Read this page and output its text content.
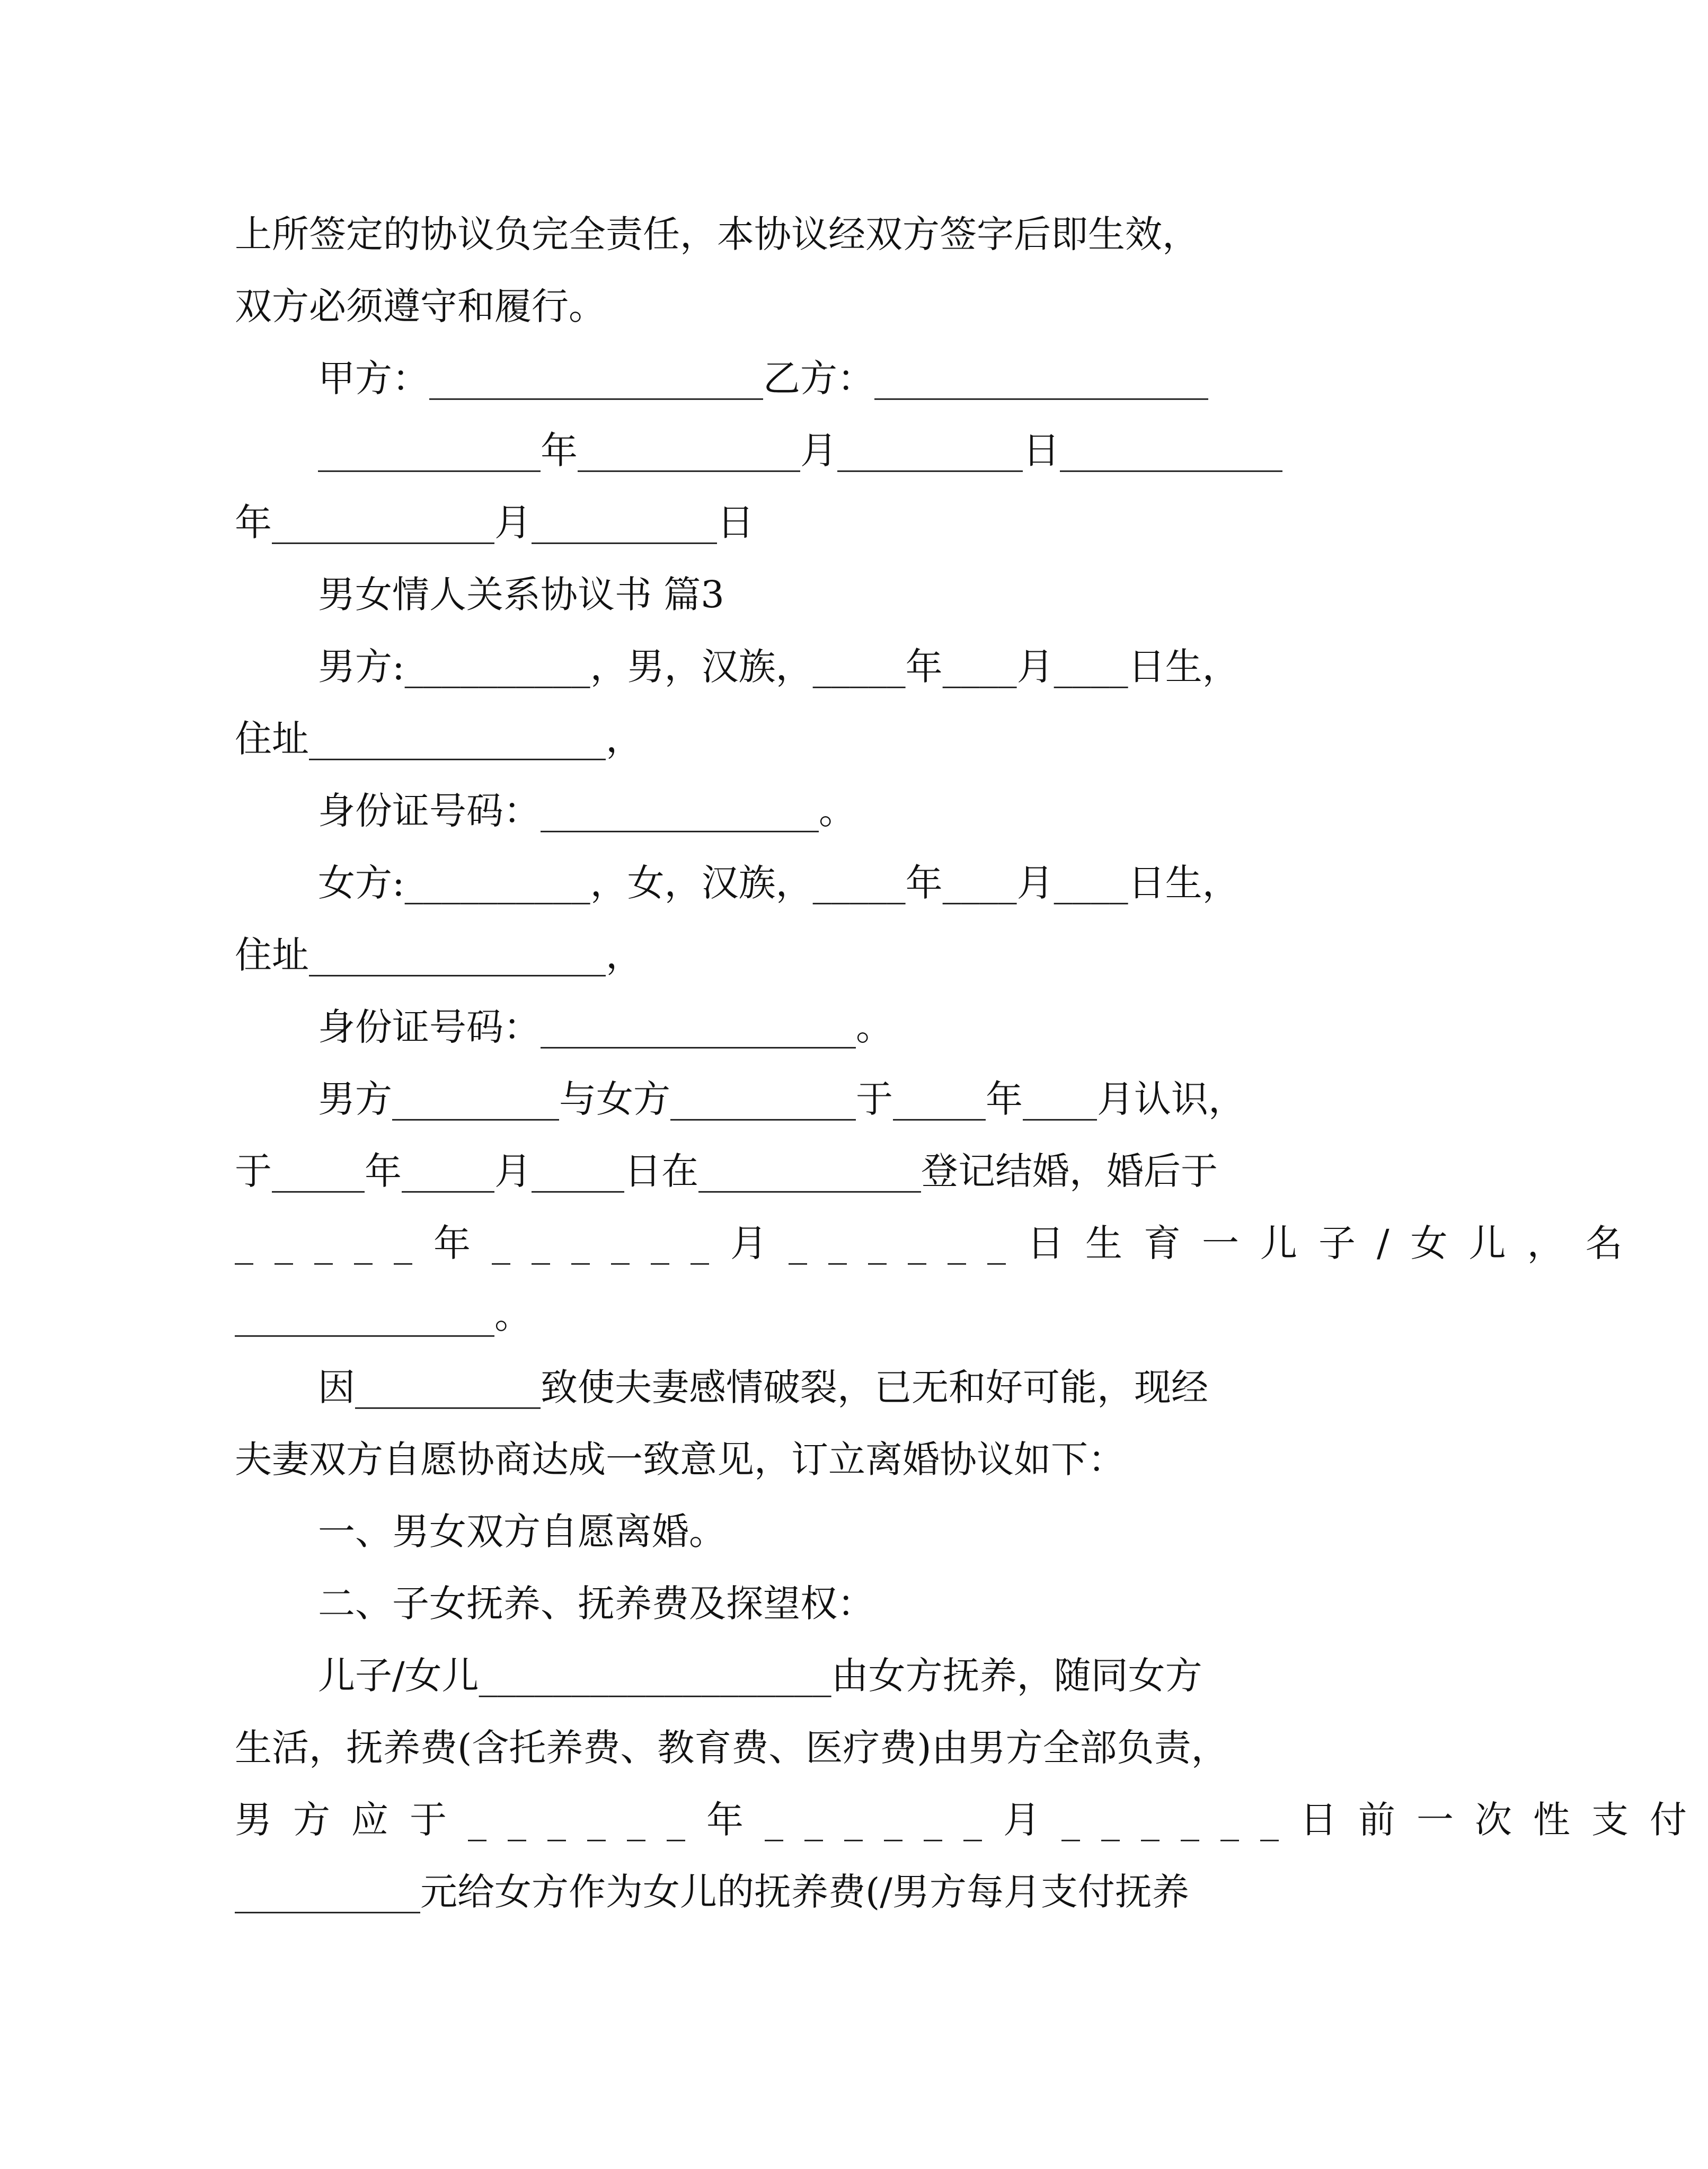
上所签定的协议负完全责任，本协议经双方签字后即生效，
双方必须遵守和履行。
甲方：__________________乙方：__________________
____________年____________月__________日____________
年____________月__________日
男女情人关系协议书 篇3
男方:__________，男，汉族，_____年____月____日生，
住址________________，
身份证号码：_______________。
女方:__________，女，汉族，_____年____月____日生，
住址________________，
身份证号码：_________________。
男方_________与女方__________于_____年____月认识，
于_____年_____月_____日在____________登记结婚，婚后于
_____年______月______日生育一儿子/女儿，名
______________。
因__________致使夫妻感情破裂，已无和好可能，现经
夫妻双方自愿协商达成一致意见，订立离婚协议如下：
一、男女双方自愿离婚。
二、子女抚养、抚养费及探望权：
儿子/女儿___________________由女方抚养，随同女方
生活，抚养费(含托养费、教育费、医疗费)由男方全部负责，
男方应于______年______月______日前一次性支付
__________元给女方作为女儿的抚养费(/男方每月支付抚养
